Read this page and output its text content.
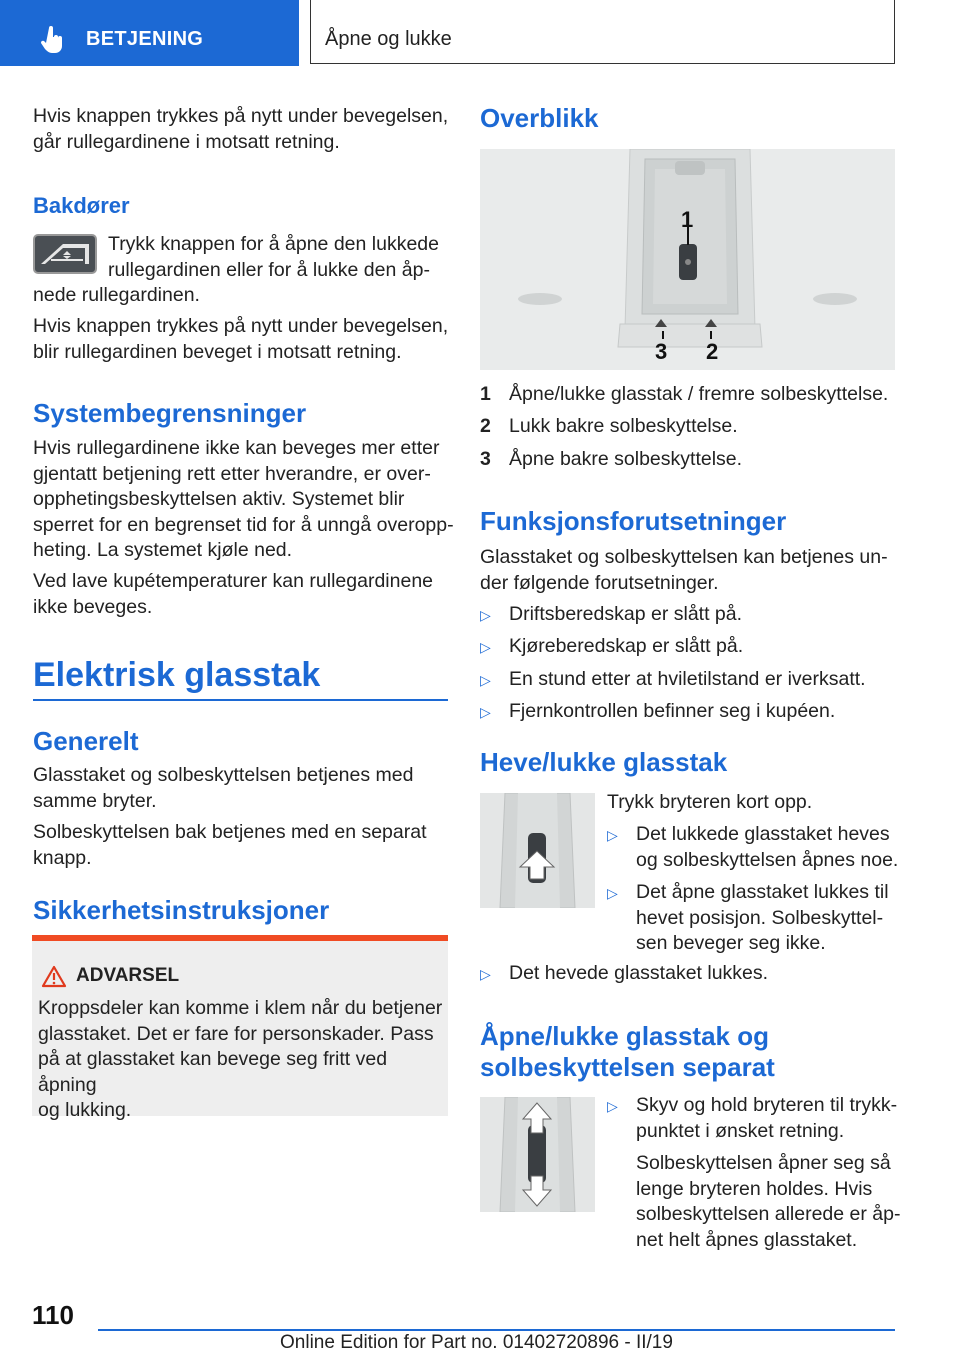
BETJENING	Åpne og lukke
Hvis knappen trykkes på nytt under bevegelsen,
går rullegardinene i motsatt retning.
Bakdører
Trykk knappen for å åpne den lukkede
rullegardinen eller for å lukke den åp-
nede rullegardinen.
Hvis knappen trykkes på nytt under bevegelsen,
blir rullegardinen beveget i motsatt retning.
Systembegrensninger
Hvis rullegardinene ikke kan beveges mer etter
gjentatt betjening rett etter hverandre, er over-
opphetingsbeskyttelsen aktiv. Systemet blir
sperret for en begrenset tid for å unngå overopp-
heting. La systemet kjøle ned.
Ved lave kupétemperaturer kan rullegardinene
ikke beveges.
Elektrisk glasstak
Generelt
Glasstaket og solbeskyttelsen betjenes med
samme bryter.
Solbeskyttelsen bak betjenes med en separat
knapp.
Sikkerhetsinstruksjoner
ADVARSEL
Kroppsdeler kan komme i klem når du betjener
glasstaket. Det er fare for personskader. Pass
på at glasstaket kan bevege seg fritt ved åpning
og lukking.
Overblikk
1
3 2
1 Åpne/lukke glasstak / fremre solbeskyttelse.
2 Lukk bakre solbeskyttelse.
3 Åpne bakre solbeskyttelse.
Funksjonsforutsetninger
Glasstaket og solbeskyttelsen kan betjenes un-
der følgende forutsetninger.
▷ Driftsberedskap er slått på.
▷ Kjøreberedskap er slått på.
▷ En stund etter at hviletilstand er iverksatt.
▷ Fjernkontrollen befinner seg i kupéen.
Heve/lukke glasstak
Trykk bryteren kort opp.
▷ Det lukkede glasstaket heves
og solbeskyttelsen åpnes noe.
▷ Det åpne glasstaket lukkes til
hevet posisjon. Solbeskyttel-
sen beveger seg ikke.
▷ Det hevede glasstaket lukkes.
Åpne/lukke glasstak og
solbeskyttelsen separat
▷ Skyv og hold bryteren til trykk-
punktet i ønsket retning.
Solbeskyttelsen åpner seg så
lenge bryteren holdes. Hvis
solbeskyttelsen allerede er åp-
net helt åpnes glasstaket.
110
Online Edition for Part no. 01402720896 - II/19
